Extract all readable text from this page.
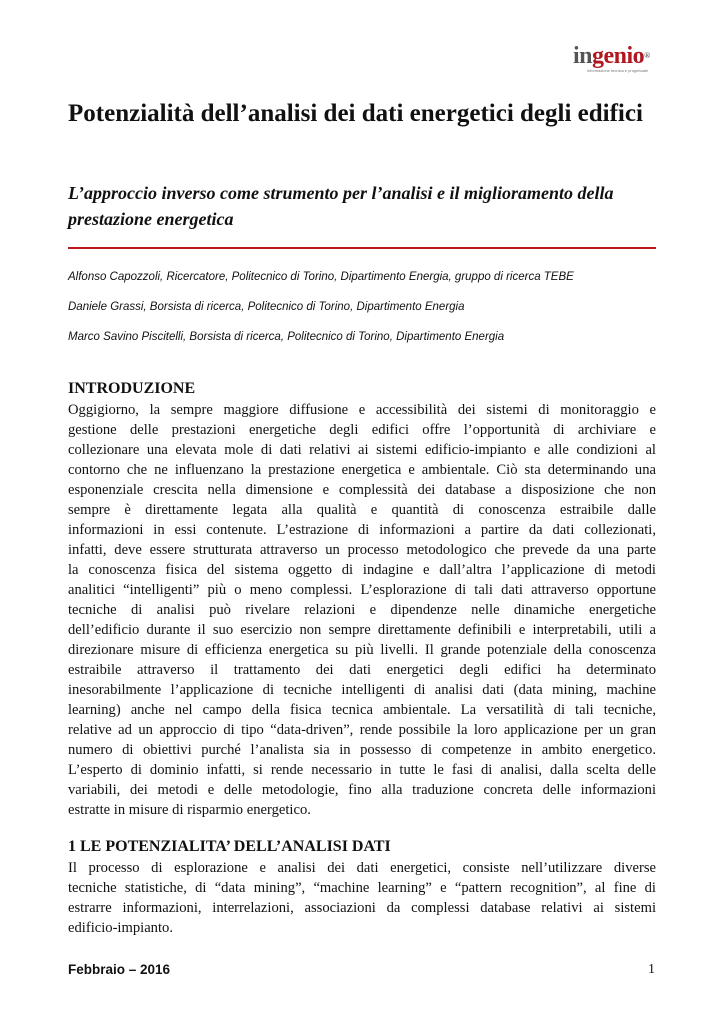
ingenio®
informazione tecnica e progettuale
Potenzialità dell’analisi dei dati energetici degli edifici
L’approccio inverso come strumento per l’analisi e il miglioramento della prestazione energetica
Alfonso Capozzoli, Ricercatore, Politecnico di Torino, Dipartimento Energia, gruppo di ricerca TEBE
Daniele Grassi, Borsista di ricerca, Politecnico di Torino, Dipartimento Energia
Marco Savino Piscitelli, Borsista di ricerca, Politecnico di Torino, Dipartimento Energia
INTRODUZIONE
Oggigiorno, la sempre maggiore diffusione e accessibilità dei sistemi di monitoraggio e
gestione delle prestazioni energetiche degli edifici offre l’opportunità di archiviare e
collezionare una elevata mole di dati relativi ai sistemi edificio-impianto e alle condizioni al
contorno che ne influenzano la prestazione energetica e ambientale. Ciò sta determinando una
esponenziale crescita nella dimensione e complessità dei database a disposizione che non
sempre è direttamente legata alla qualità e quantità di conoscenza estraibile dalle
informazioni in essi contenute. L’estrazione di informazioni a partire da dati collezionati,
infatti, deve essere strutturata attraverso un processo metodologico che prevede da una parte
la conoscenza fisica del sistema oggetto di indagine e dall’altra l’applicazione di metodi
analitici “intelligenti” più o meno complessi. L’esplorazione di tali dati attraverso opportune
tecniche di analisi può rivelare relazioni e dipendenze nelle dinamiche energetiche
dell’edificio durante il suo esercizio non sempre direttamente definibili e interpretabili, utili a
direzionare misure di efficienza energetica su più livelli. Il grande potenziale della conoscenza
estraibile attraverso il trattamento dei dati energetici degli edifici ha determinato
inesorabilmente l’applicazione di tecniche intelligenti di analisi dati (data mining, machine
learning) anche nel campo della fisica tecnica ambientale. La versatilità di tali tecniche,
relative ad un approccio di tipo “data-driven”, rende possibile la loro applicazione per un gran
numero di obiettivi purché l’analista sia in possesso di competenze in ambito energetico.
L’esperto di dominio infatti, si rende necessario in tutte le fasi di analisi, dalla scelta delle
variabili, dei metodi e delle metodologie, fino alla traduzione concreta delle informazioni
estratte in misure di risparmio energetico.
1 LE POTENZIALITA’ DELL’ANALISI DATI
Il processo di esplorazione e analisi dei dati energetici, consiste nell’utilizzare diverse
tecniche statistiche, di “data mining”, “machine learning” e “pattern recognition”, al fine di
estrarre informazioni, interrelazioni, associazioni da complessi database relativi ai sistemi
edificio-impianto.
Febbraio – 2016	1
